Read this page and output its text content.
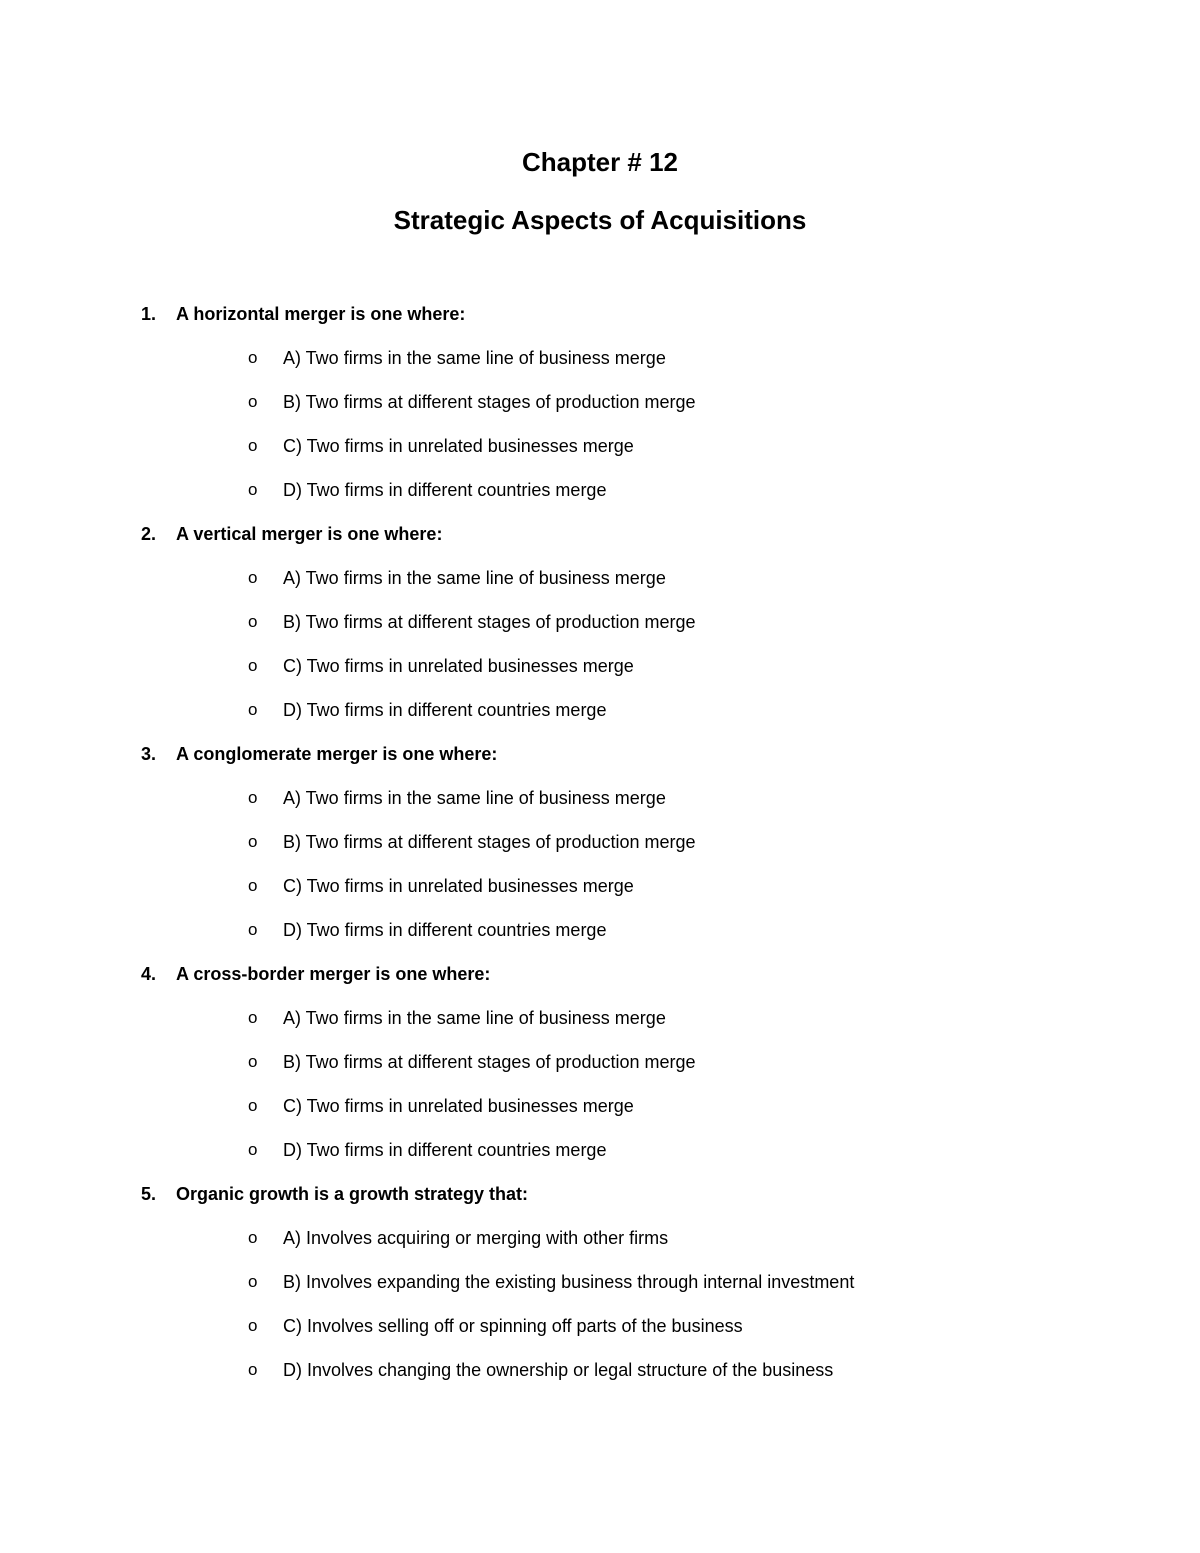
Chapter # 12
Strategic Aspects of Acquisitions
1. A horizontal merger is one where:
o A) Two firms in the same line of business merge
o B) Two firms at different stages of production merge
o C) Two firms in unrelated businesses merge
o D) Two firms in different countries merge
2. A vertical merger is one where:
o A) Two firms in the same line of business merge
o B) Two firms at different stages of production merge
o C) Two firms in unrelated businesses merge
o D) Two firms in different countries merge
3. A conglomerate merger is one where:
o A) Two firms in the same line of business merge
o B) Two firms at different stages of production merge
o C) Two firms in unrelated businesses merge
o D) Two firms in different countries merge
4. A cross-border merger is one where:
o A) Two firms in the same line of business merge
o B) Two firms at different stages of production merge
o C) Two firms in unrelated businesses merge
o D) Two firms in different countries merge
5. Organic growth is a growth strategy that:
o A) Involves acquiring or merging with other firms
o B) Involves expanding the existing business through internal investment
o C) Involves selling off or spinning off parts of the business
o D) Involves changing the ownership or legal structure of the business
